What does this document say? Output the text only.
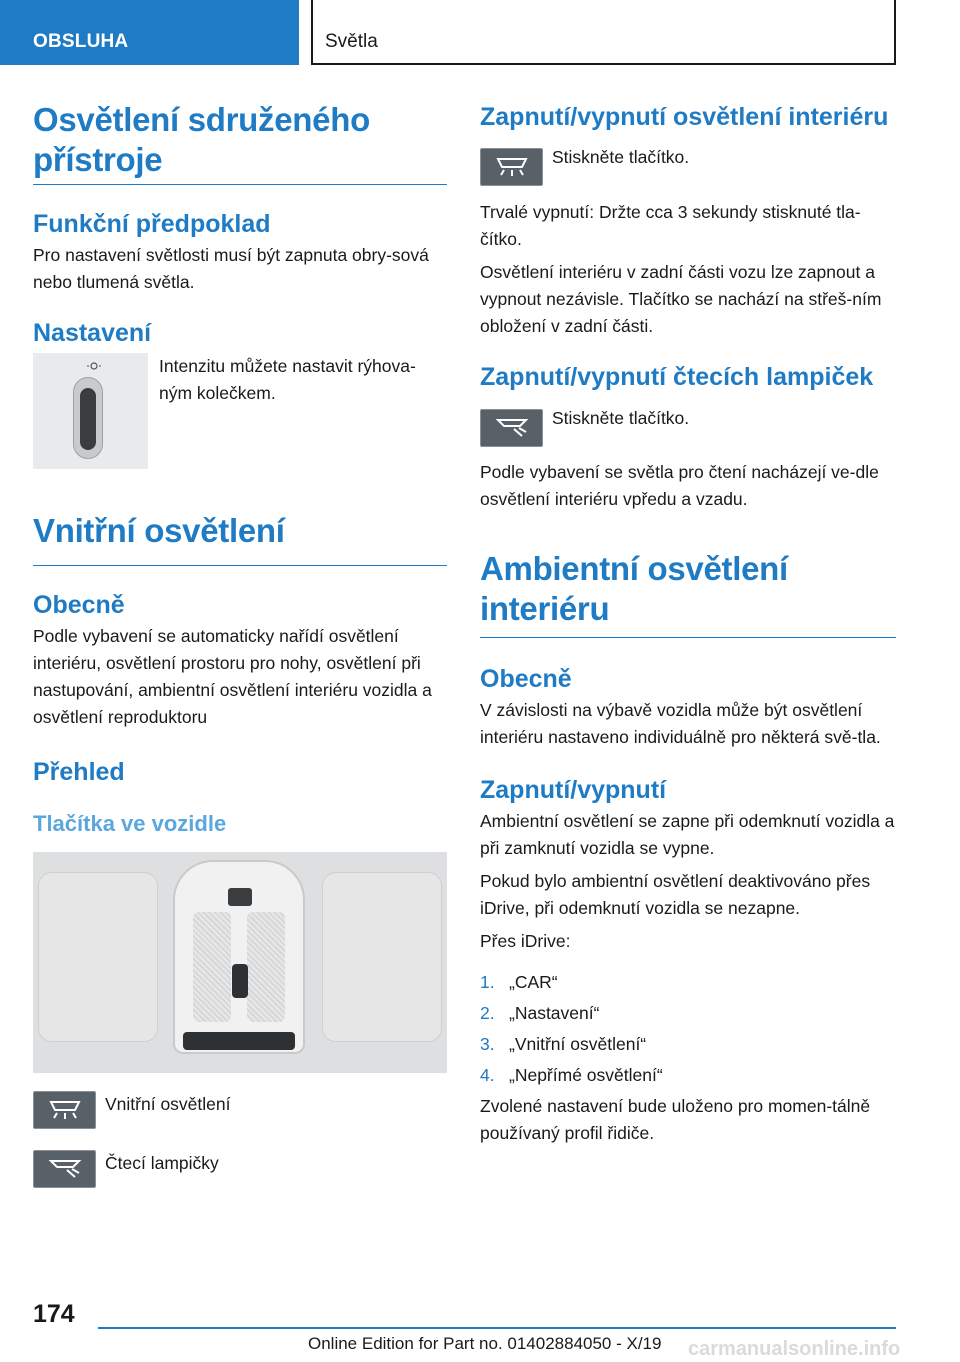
OBSLUHA	Světla
Osvětlení sdruženého přístroje
Funkční předpoklad

Pro nastavení světlosti musí být zapnuta obry‐sová nebo tlumená světla.

Nastavení

Intenzitu můžete nastavit rýhova‐ ným kolečkem.

Vnitřní osvětlení
Obecně

Podle vybavení se automaticky nařídí osvětlení interiéru, osvětlení prostoru pro nohy, osvětlení při nastupování, ambientní osvětlení interiéru vozidla a osvětlení reproduktoru

Přehled
Tlačítka ve vozidle

Vnitřní osvětlení

Čtecí lampičky

Zapnutí/vypnutí osvětlení interiéru

Stiskněte tlačítko.

Trvalé vypnutí: Držte cca 3 sekundy stisknuté tla‐čítko.

Osvětlení interiéru v zadní části vozu lze zapnout a vypnout nezávisle. Tlačítko se nachází na střeš‐ním obložení v zadní části.

Zapnutí/vypnutí čtecích lampiček

Stiskněte tlačítko.

Podle vybavení se světla pro čtení nacházejí ve‐dle osvětlení interiéru vpředu a vzadu.

Ambientní osvětlení interiéru
Obecně

V závislosti na výbavě vozidla může být osvětlení interiéru nastaveno individuálně pro některá svě‐tla.

Zapnutí/vypnutí

Ambientní osvětlení se zapne při odemknutí vozidla a při zamknutí vozidla se vypne.

Pokud bylo ambientní osvětlení deaktivováno přes iDrive, při odemknutí vozidla se nezapne.

Přes iDrive:

1. „CAR“
2. „Nastavení“
3. „Vnitřní osvětlení“
4. „Nepřímé osvětlení“

Zvolené nastavení bude uloženo pro momen‐tálně používaný profil řidiče.

174
Online Edition for Part no. 01402884050 - X/19 carmanualsonline.info
